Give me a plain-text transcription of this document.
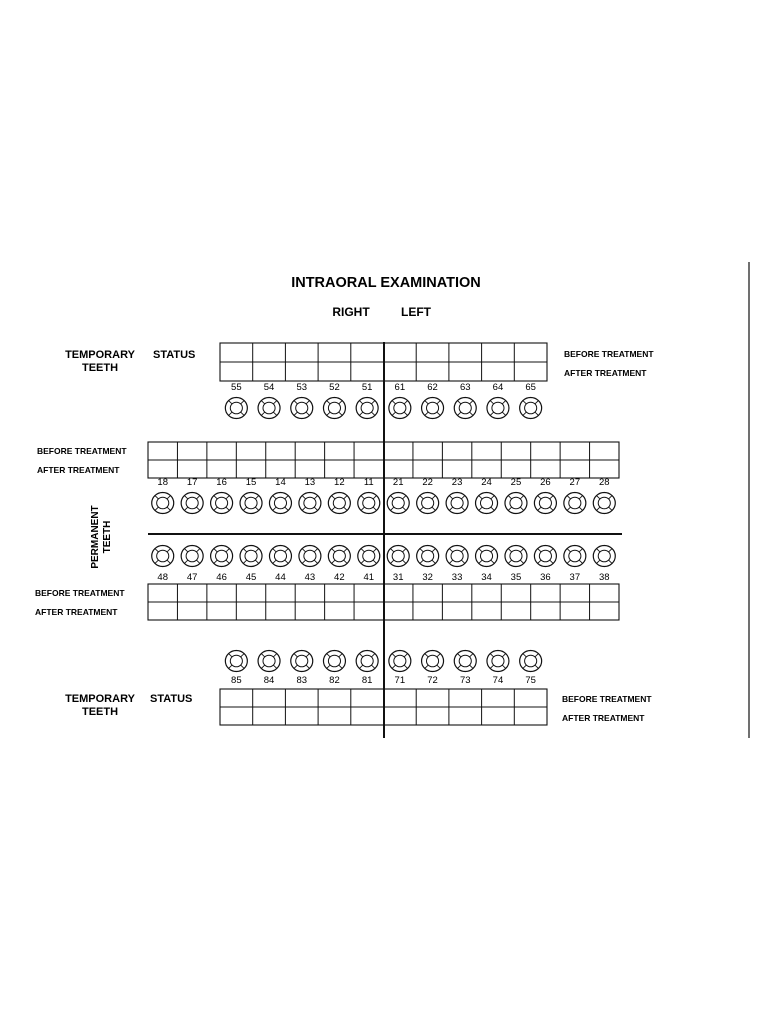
INTRAORAL EXAMINATION
RIGHT	LEFT
TEMPORARY
TEETH
STATUS	BEFORE TREATMENT
AFTER TREATMENT
55 54 53 52 51 61 62 63 64 65
BEFORE TREATMENT
AFTER TREATMENT
18 17 16 15 14 13 12 11 21 22 23 24 25 26 27 28
PERMANENT TEETH
48 47 46 45 44 43 42 41 31 32 33 34 35 36 37 38
BEFORE TREATMENT
AFTER TREATMENT
85 84 83 82 81 71 72 73 74 75
TEMPORARY
TEETH
STATUS	BEFORE TREATMENT
AFTER TREATMENT
